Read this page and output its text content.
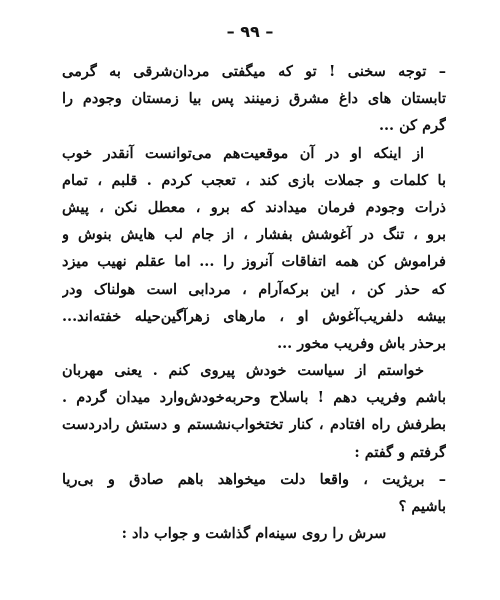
– ۹۹ –
– توجه سخنی ! تو که میگفتی مردان‌شرقی به گرمی
تابستان های داغ مشرق زمینند پس بیا زمستان وجودم را
گرم کن ...
از اینکه او در آن موقعیت‌هم می‌توانست آنقدر خوب
با کلمات و جملات بازی کند ، تعجب کردم . قلبم ، تمام
ذرات وجودم فرمان میدادند که برو ، معطل نکن ، پیش
برو ، تنگ در آغوشش بفشار ، از جام لب هایش بنوش و
فراموش کن همه اتفاقات آنروز را ... اما عقلم نهیب میزد
که حذر کن ، این برکه‌آرام ، مردابی است هولناک ودر
بیشه دلفریب‌آغوش او ، مارهای زهرآگین‌حیله خفته‌اند...
برحذر باش وفریب مخور ...
خواستم از سیاست خودش پیروی کنم . یعنی مهربان
باشم وفریب دهم ! باسلاح وحربه‌خودش‌وارد میدان گردم .
بطرفش راه افتادم ، کنار تختخواب‌نشستم و دستش رادردست
گرفتم و گفتم :
– بریژیت ، واقعا دلت میخواهد باهم صادق و بی‌ریا
باشیم ؟
سرش را روی سینه‌ام گذاشت و جواب داد :
